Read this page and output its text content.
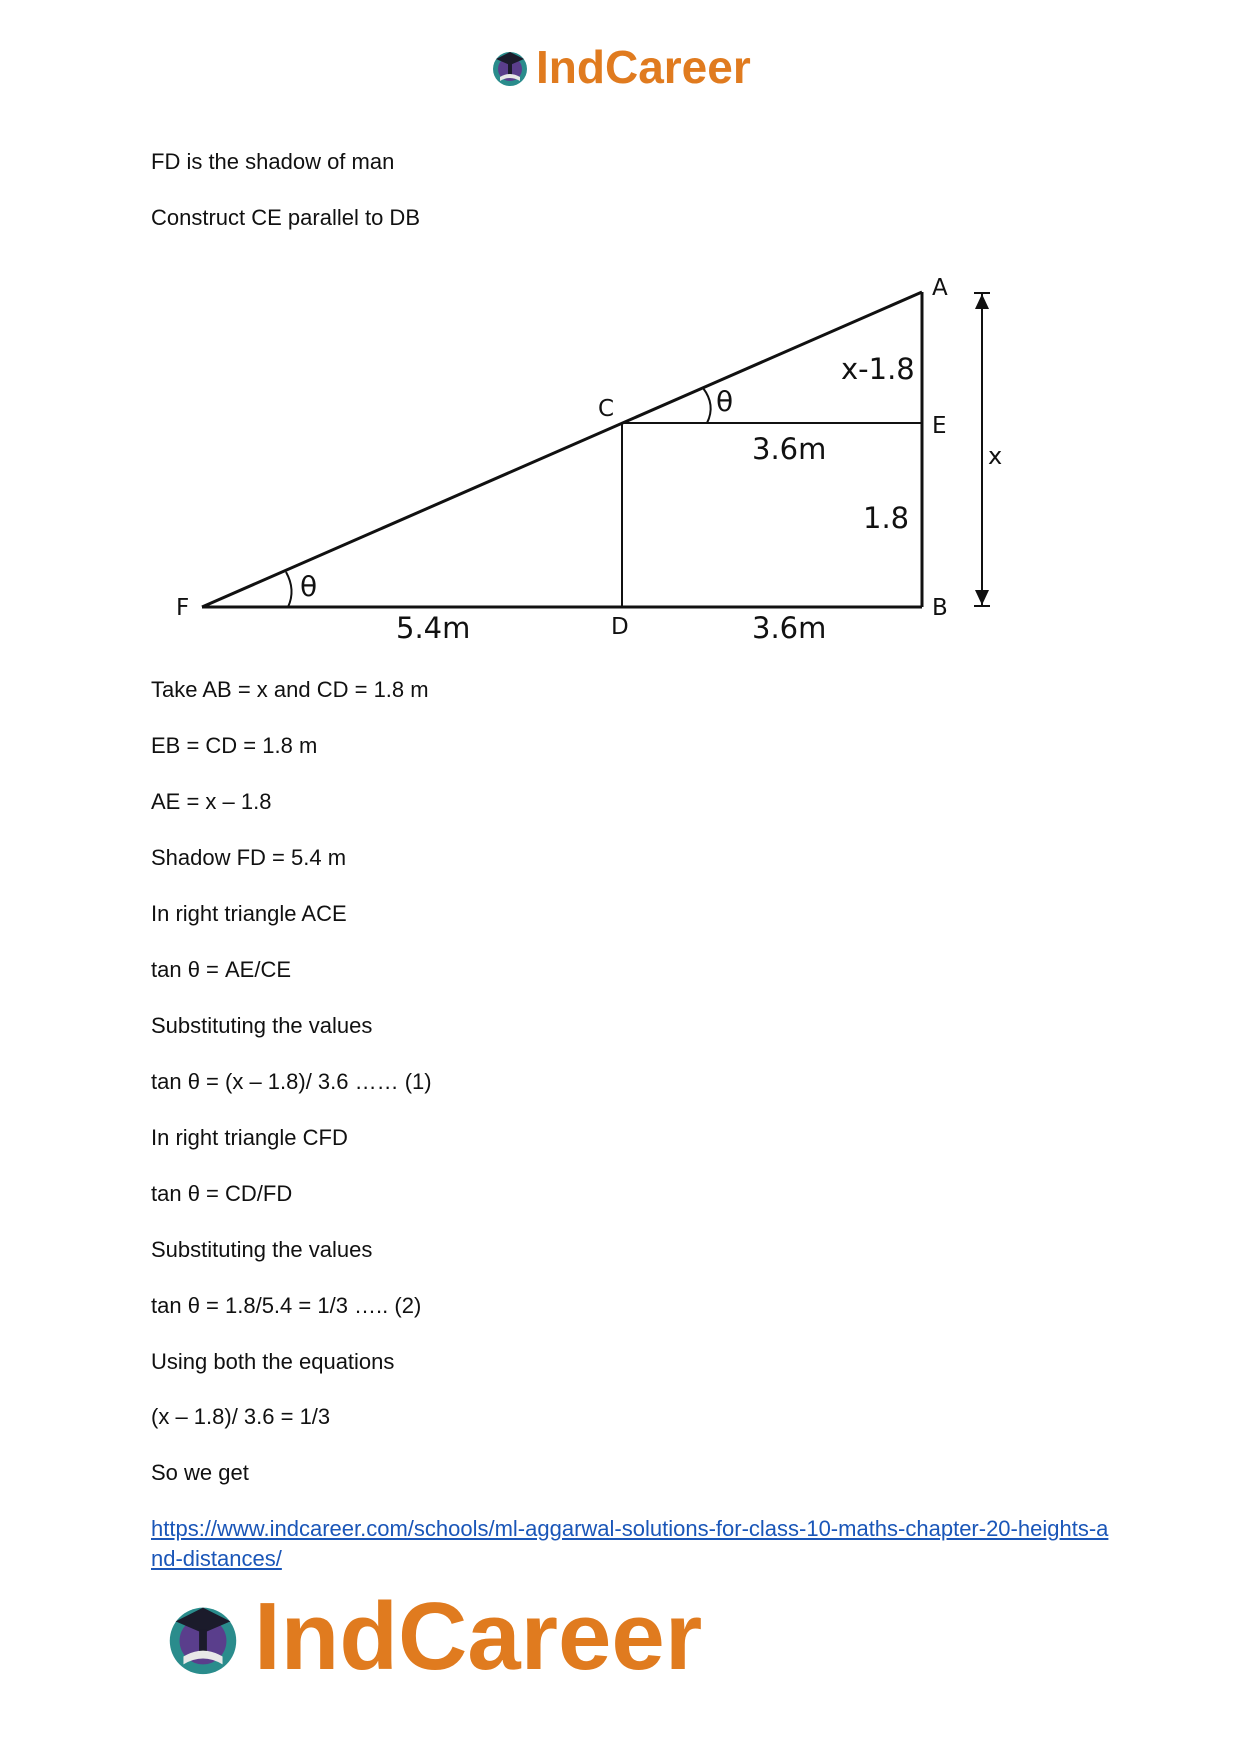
IndCareer
FD is the shadow of man
Construct CE parallel to DB
A
C
E
F
D
B
x-1.8
3.6m
1.8
5.4m	3.6m
x
θ
θ
Take AB = x and CD = 1.8 m
EB = CD = 1.8 m
AE = x – 1.8
Shadow FD = 5.4 m
In right triangle ACE
tan θ = AE/CE
Substituting the values
tan θ = (x – 1.8)/ 3.6 …… (1)
In right triangle CFD
tan θ = CD/FD
Substituting the values
tan θ = 1.8/5.4 = 1/3 ….. (2)
Using both the equations
(x – 1.8)/ 3.6 = 1/3
So we get
https://www.indcareer.com/schools/ml-aggarwal-solutions-for-class-10-maths-chapter-20-heights-and-distances/
IndCareer
